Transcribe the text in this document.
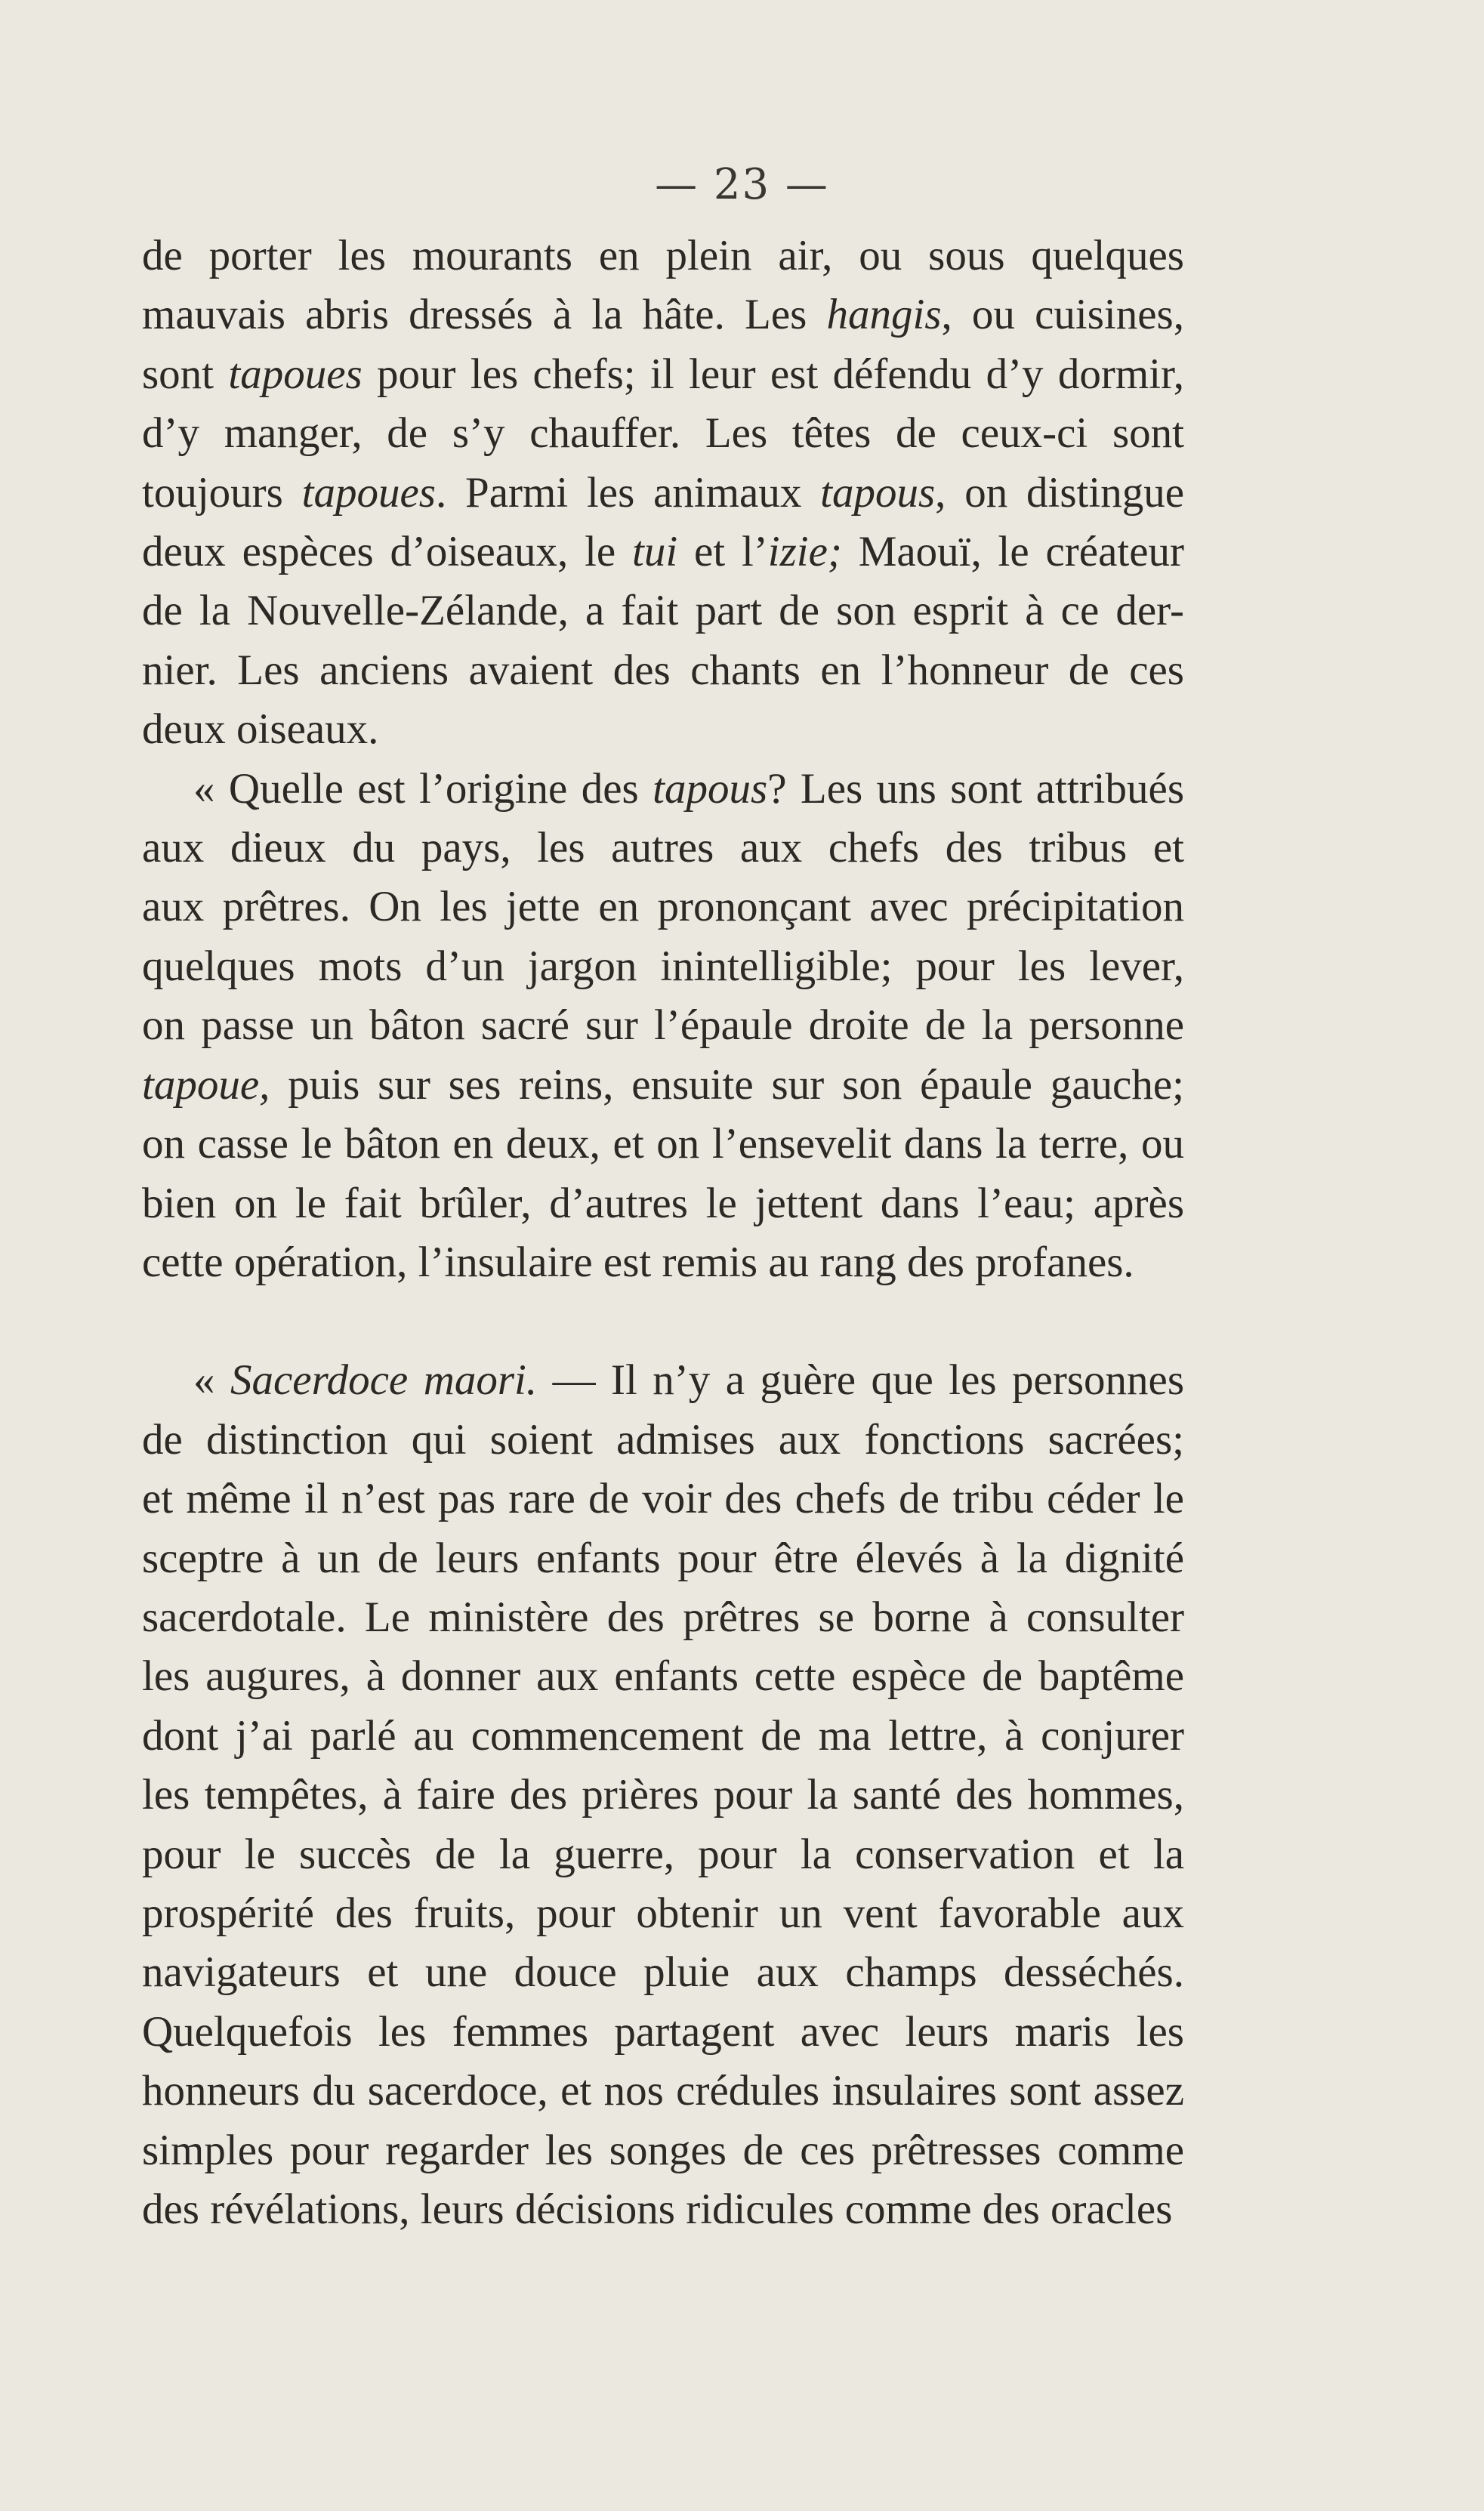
— 23 —
de porter les mourants en plein air, ou sous quelques
mauvais abris dressés à la hâte. Les hangis, ou cuisines,
sont tapoues pour les chefs; il leur est défendu d’y dormir,
d’y manger, de s’y chauffer. Les têtes de ceux-ci sont
toujours tapoues. Parmi les animaux tapous, on distingue
deux espèces d’oiseaux, le tui et l’izie; Maouï, le créateur
de la Nouvelle-Zélande, a fait part de son esprit à ce der-
nier. Les anciens avaient des chants en l’honneur de ces
deux oiseaux.
« Quelle est l’origine des tapous? Les uns sont attribués
aux dieux du pays, les autres aux chefs des tribus et
aux prêtres. On les jette en prononçant avec précipitation
quelques mots d’un jargon inintelligible; pour les lever,
on passe un bâton sacré sur l’épaule droite de la personne
tapoue, puis sur ses reins, ensuite sur son épaule gauche;
on casse le bâton en deux, et on l’ensevelit dans la terre, ou
bien on le fait brûler, d’autres le jettent dans l’eau; après
cette opération, l’insulaire est remis au rang des profanes.
« Sacerdoce maori. — Il n’y a guère que les personnes
de distinction qui soient admises aux fonctions sacrées;
et même il n’est pas rare de voir des chefs de tribu céder le
sceptre à un de leurs enfants pour être élevés à la dignité
sacerdotale. Le ministère des prêtres se borne à consulter
les augures, à donner aux enfants cette espèce de baptême
dont j’ai parlé au commencement de ma lettre, à conjurer
les tempêtes, à faire des prières pour la santé des hommes,
pour le succès de la guerre, pour la conservation et la
prospérité des fruits, pour obtenir un vent favorable aux
navigateurs et une douce pluie aux champs desséchés.
Quelquefois les femmes partagent avec leurs maris les
honneurs du sacerdoce, et nos crédules insulaires sont assez
simples pour regarder les songes de ces prêtresses comme
des révélations, leurs décisions ridicules comme des oracles
